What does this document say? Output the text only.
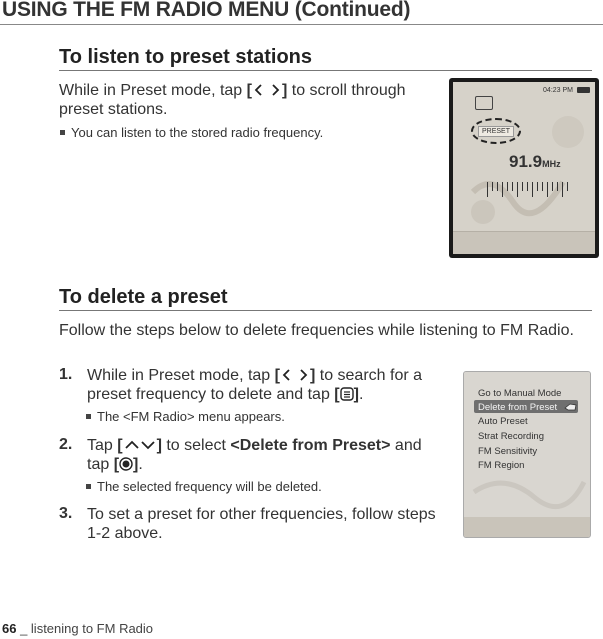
USING THE FM RADIO MENU (Continued)
To listen to preset stations
While in Preset mode, tap [ ] to scroll through preset stations.
You can listen to the stored radio frequency.
04:23 PM
PRESET
91.9MHz
To delete a preset
Follow the steps below to delete frequencies while listening to FM Radio.
1. While in Preset mode, tap [ ] to search for a preset frequency to delete and tap [ ].
The <FM Radio> menu appears.
2. Tap [ ] to select <Delete from Preset> and tap [ ].
The selected frequency will be deleted.
3. To set a preset for other frequencies, follow steps 1-2 above.
Go to Manual Mode
Delete from Preset
Auto Preset
Strat Recording
FM Sensitivity
FM Region
66 _ listening to FM Radio
